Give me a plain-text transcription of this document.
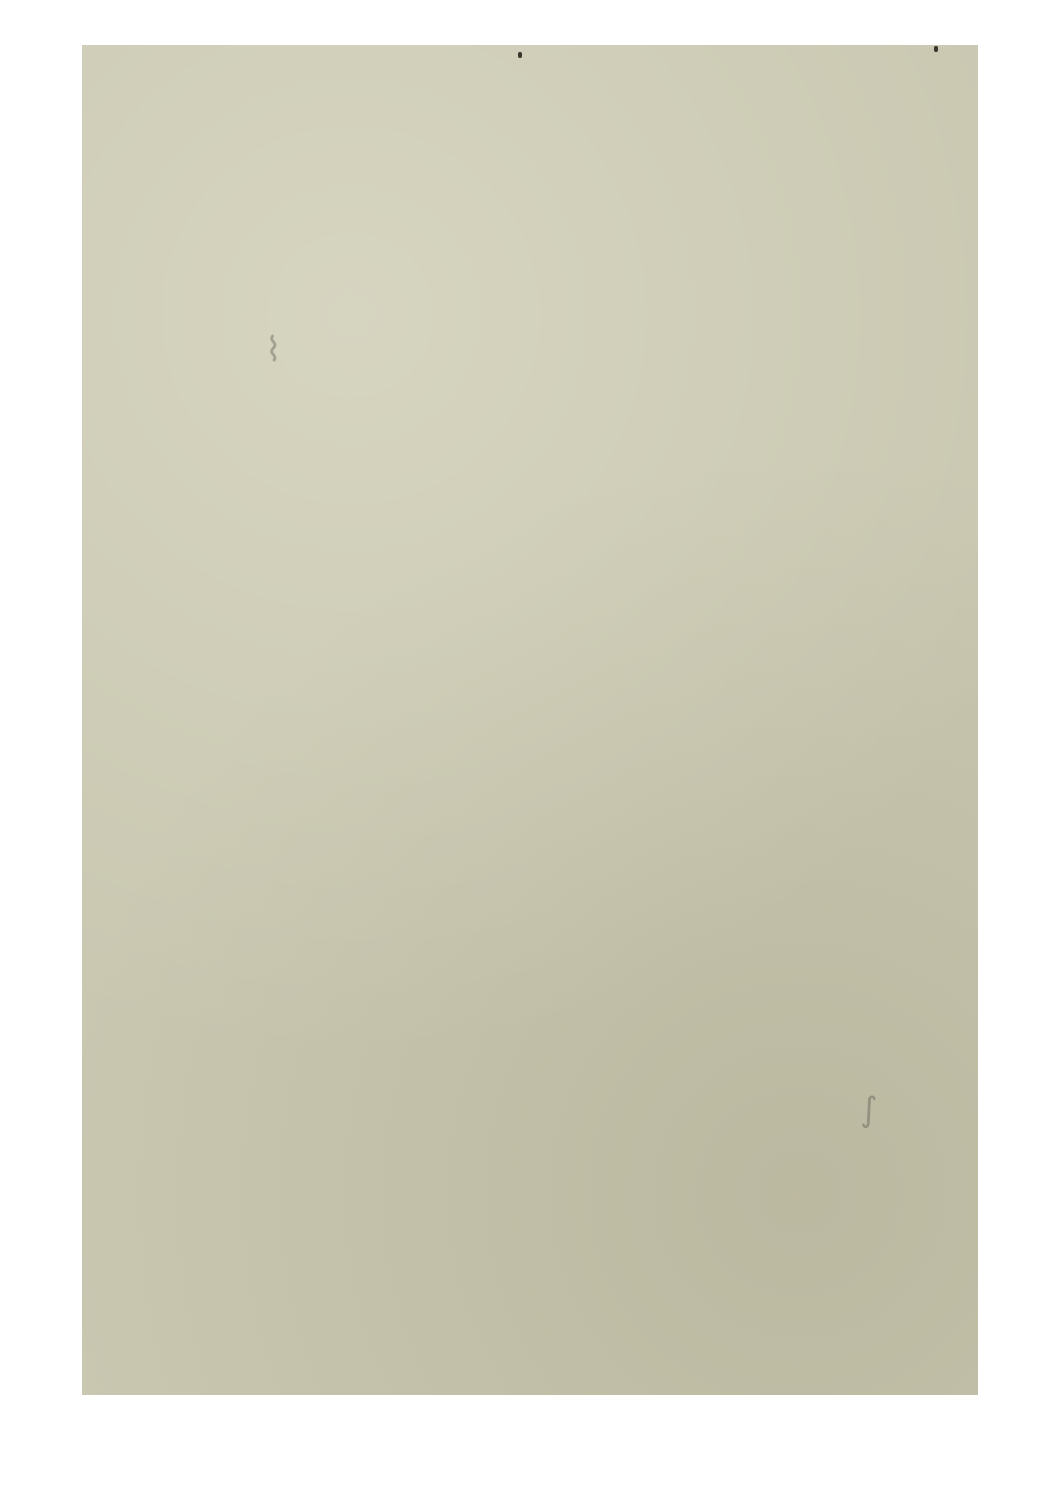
⌇
∫
